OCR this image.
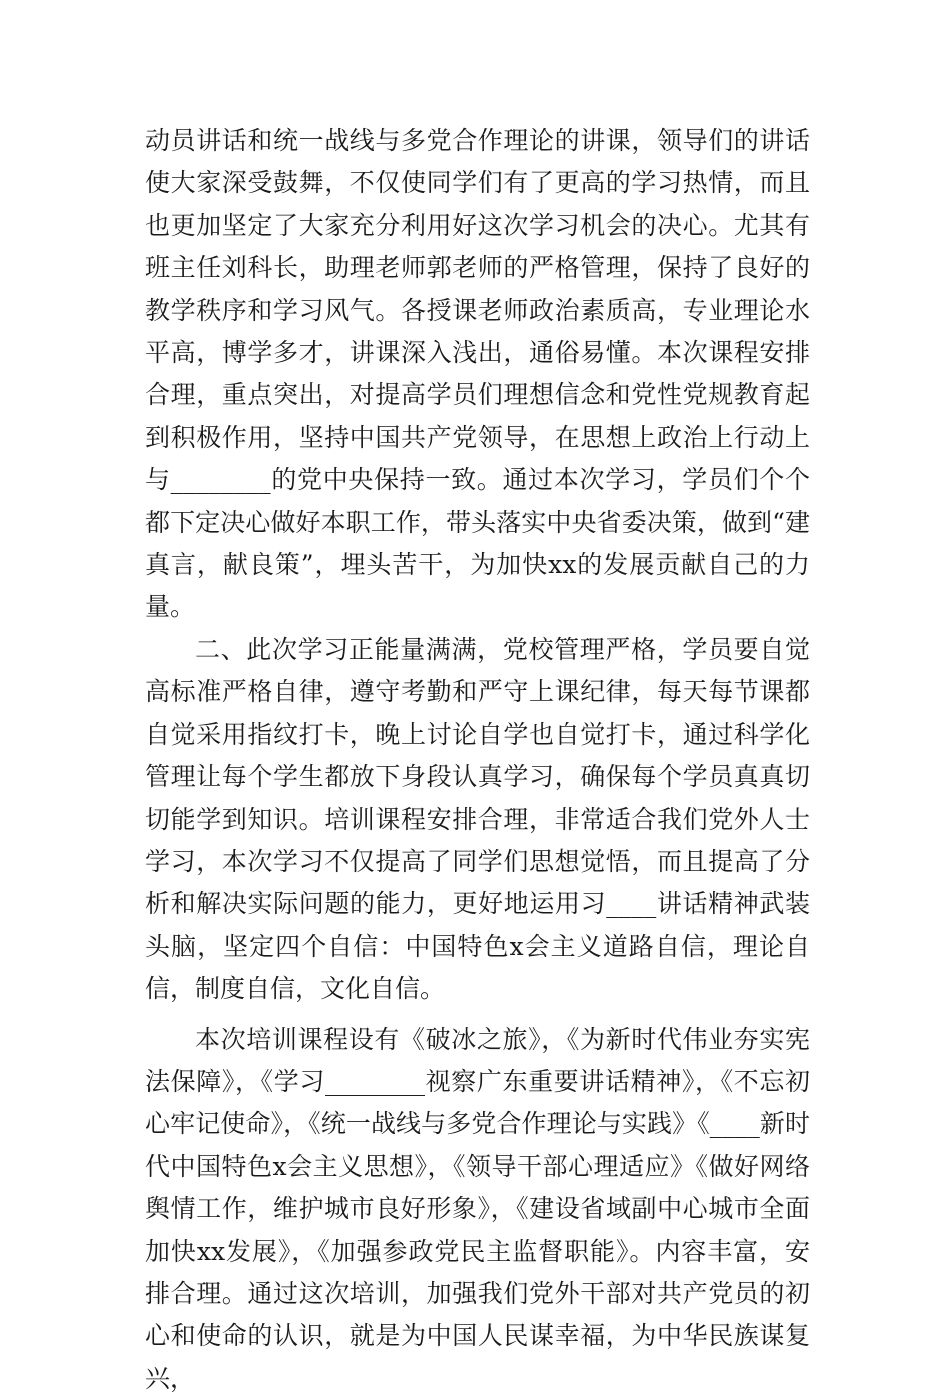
动员讲话和统一战线与多党合作理论的讲课，领导们的讲话使大家深受鼓舞，不仅使同学们有了更高的学习热情，而且也更加坚定了大家充分利用好这次学习机会的决心。尤其有班主任刘科长，助理老师郭老师的严格管理，保持了良好的教学秩序和学习风气。各授课老师政治素质高，专业理论水平高，博学多才，讲课深入浅出，通俗易懂。本次课程安排合理，重点突出，对提高学员们理想信念和党性党规教育起到积极作用，坚持中国共产党领导，在思想上政治上行动上与________的党中央保持一致。通过本次学习，学员们个个都下定决心做好本职工作，带头落实中央省委决策，做到“建真言，献良策”，埋头苦干，为加快xx的发展贡献自己的力量。

二、此次学习正能量满满，党校管理严格，学员要自觉高标准严格自律，遵守考勤和严守上课纪律，每天每节课都自觉采用指纹打卡，晚上讨论自学也自觉打卡，通过科学化管理让每个学生都放下身段认真学习，确保每个学员真真切切能学到知识。培训课程安排合理，非常适合我们党外人士学习，本次学习不仅提高了同学们思想觉悟，而且提高了分析和解决实际问题的能力，更好地运用习____讲话精神武装头脑，坚定四个自信：中国特色x会主义道路自信，理论自信，制度自信，文化自信。

本次培训课程设有《破冰之旅》，《为新时代伟业夯实宪法保障》，《学习________视察广东重要讲话精神》，《不忘初心牢记使命》，《统一战线与多党合作理论与实践》《____新时代中国特色x会主义思想》，《领导干部心理适应》《做好网络舆情工作，维护城市良好形象》，《建设省域副中心城市全面加快xx发展》，《加强参政党民主监督职能》。内容丰富，安排合理。通过这次培训，加强我们党外干部对共产党员的初心和使命的认识，就是为中国人民谋幸福，为中华民族谋复兴，
